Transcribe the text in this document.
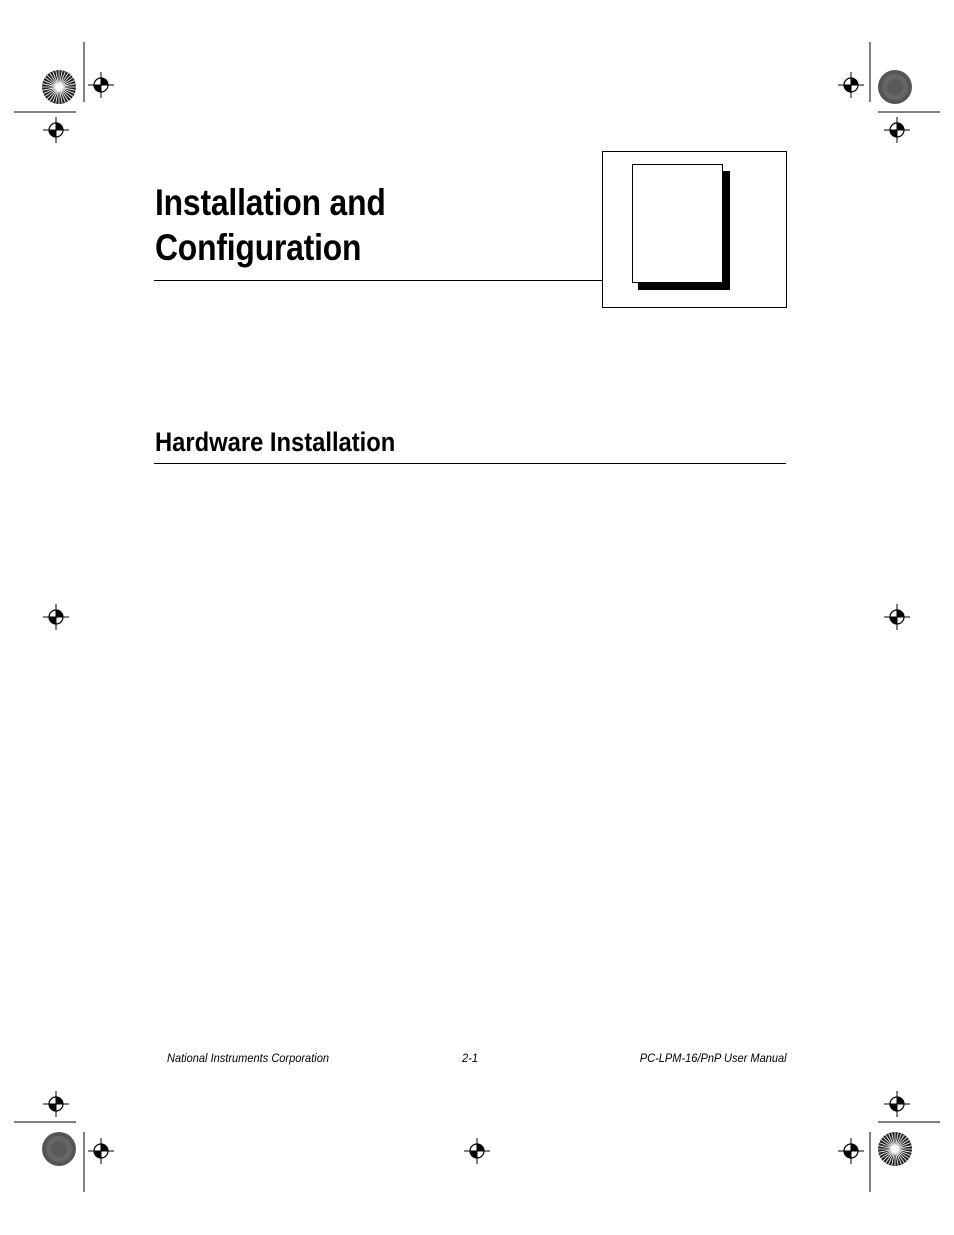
Installation and
Configuration
Hardware Installation
National Instruments Corporation	2-1	PC-LPM-16/PnP User Manual
